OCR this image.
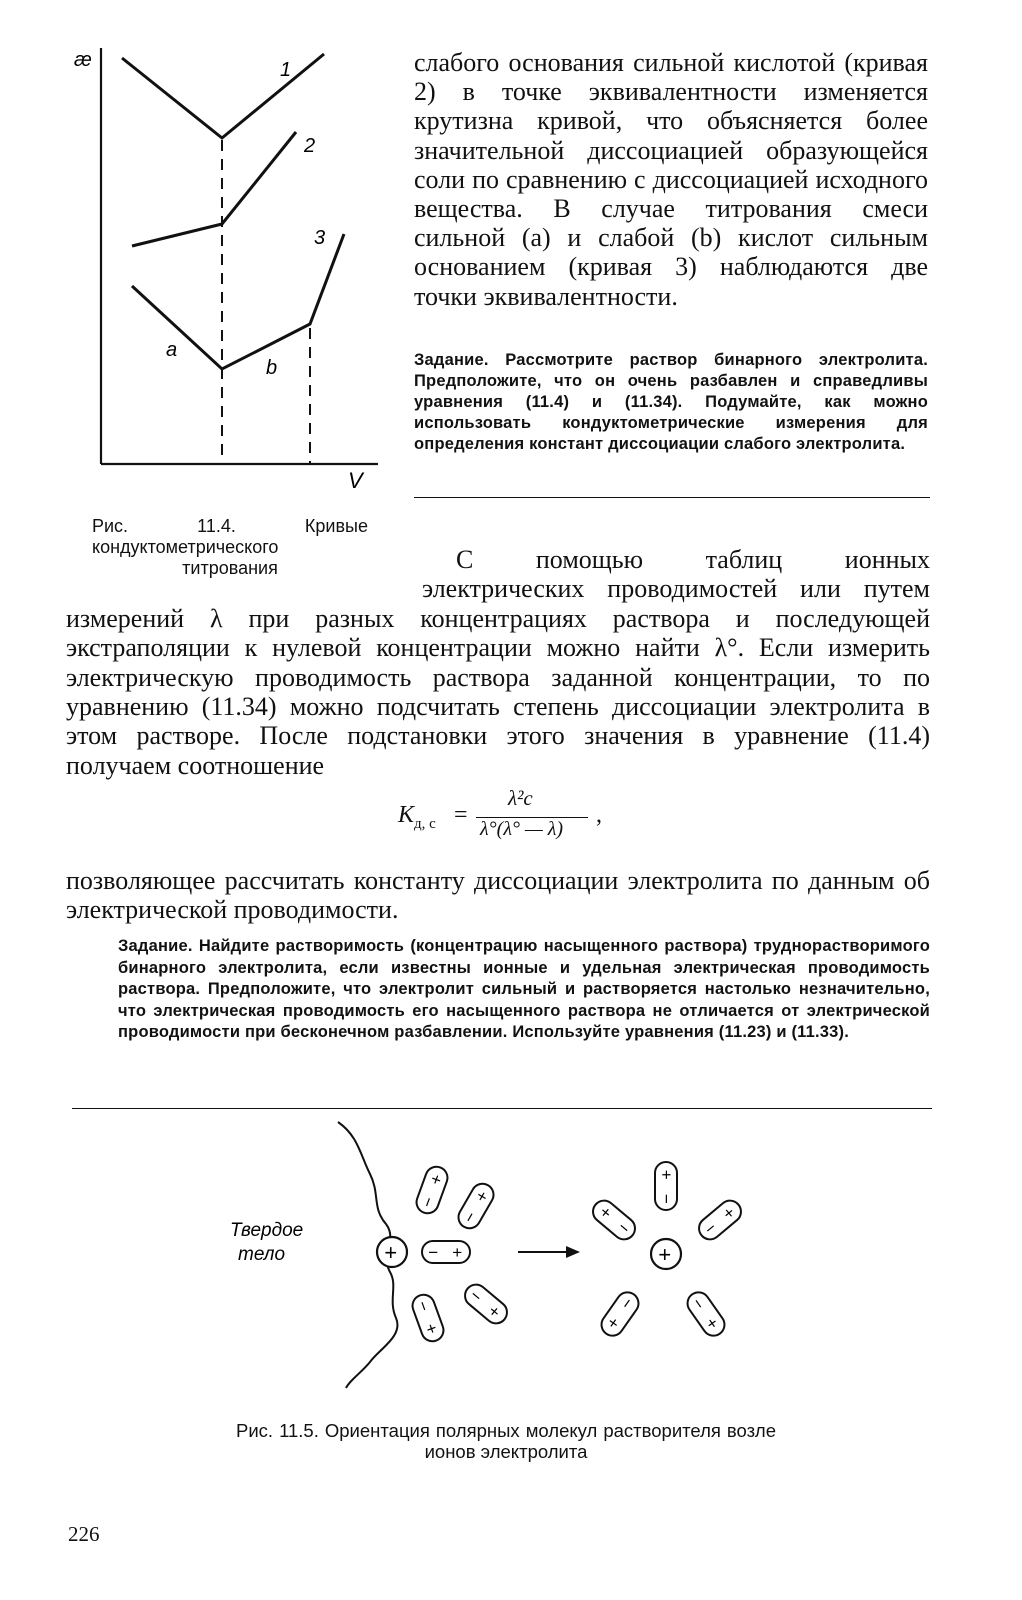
æ
V
1
2
3
a
b
Рис. 11.4. Кривые кондуктометрического титрования
слабого основания сильной кислотой (кривая 2) в точке эквивалентности изменяется крутизна кривой, что объясняется более значительной диссоциацией образующейся соли по сравнению с диссоциацией исходного вещества. В случае титрования смеси сильной (a) и слабой (b) кислот сильным основанием (кривая 3) наблюдаются две точки эквивалентности.
Задание. Рассмотрите раствор бинарного электролита. Предположите, что он очень разбавлен и справедливы уравнения (11.4) и (11.34). Подумайте, как можно использовать кондуктометрические измерения для определения констант диссоциации слабого электролита.
С помощью таблиц ионных электрических проводимостей или путем измерений λ при разных концентрациях раствора и последующей экстраполяции к нулевой концентрации можно найти λ°. Если измерить электрическую проводимость раствора заданной концентрации, то по уравнению (11.34) можно подсчитать степень диссоциации электролита в этом растворе. После подстановки этого значения в уравнение (11.4) получаем соотношение
$K_{д, с}$ =
λ²c
λ°(λ° — λ)
,
позволяющее рассчитать константу диссоциации электролита по данным об электрической проводимости.
Задание. Найдите растворимость (концентрацию насыщенного раствора) труднорастворимого бинарного электролита, если известны ионные и удельная электрическая проводимость раствора. Предположите, что электролит сильный и растворяется настолько незначительно, что электрическая проводимость его насыщенного раствора не отличается от электрической проводимости при бесконечном разбавлении. Используйте уравнения (11.23) и (11.33).
− +
Твердое
тело	+	+
Рис. 11.5. Ориентация полярных молекул растворителя возле ионов электролита
226
